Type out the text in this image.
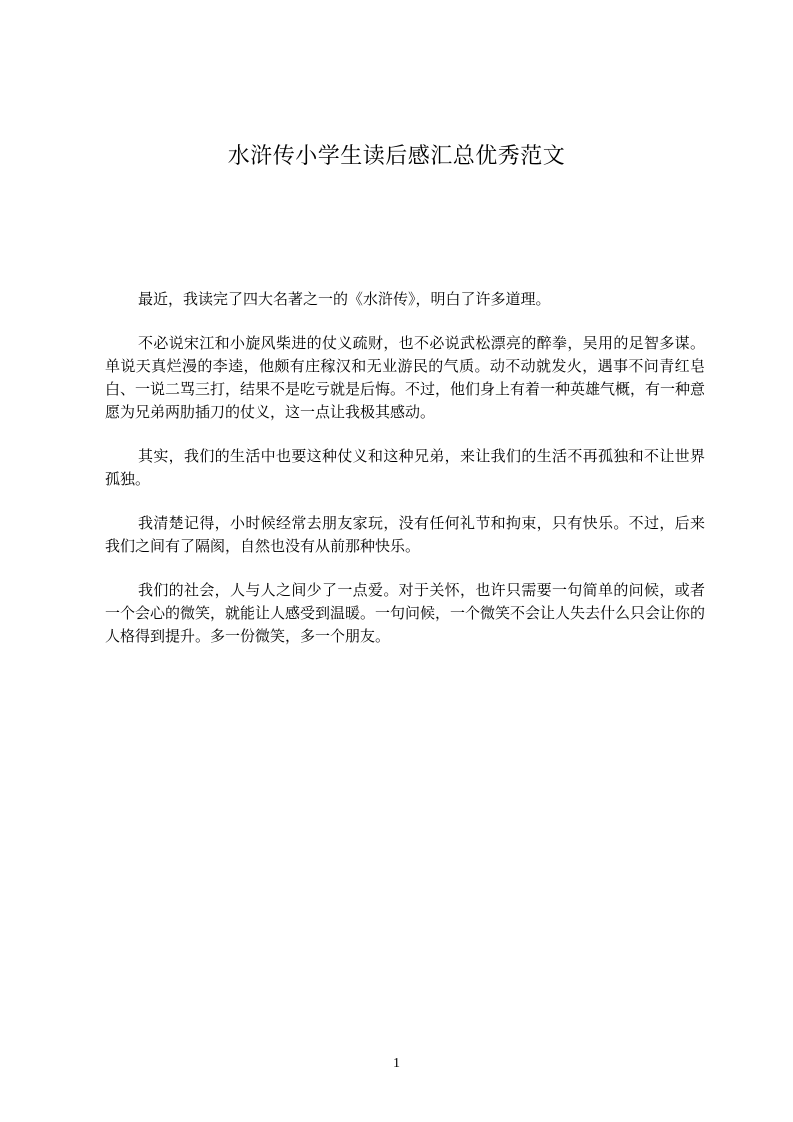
水浒传小学生读后感汇总优秀范文

最近，我读完了四大名著之一的《水浒传》，明白了许多道理。

不必说宋江和小旋风柴进的仗义疏财，也不必说武松漂亮的醉拳，吴用的足智多谋。单说天真烂漫的李逵，他颇有庄稼汉和无业游民的气质。动不动就发火，遇事不问青红皂白、一说二骂三打，结果不是吃亏就是后悔。不过，他们身上有着一种英雄气概，有一种意愿为兄弟两肋插刀的仗义，这一点让我极其感动。

其实，我们的生活中也要这种仗义和这种兄弟，来让我们的生活不再孤独和不让世界孤独。

我清楚记得，小时候经常去朋友家玩，没有任何礼节和拘束，只有快乐。不过，后来我们之间有了隔阂，自然也没有从前那种快乐。

我们的社会，人与人之间少了一点爱。对于关怀，也许只需要一句简单的问候，或者一个会心的微笑，就能让人感受到温暖。一句问候，一个微笑不会让人失去什么只会让你的人格得到提升。多一份微笑，多一个朋友。

1
